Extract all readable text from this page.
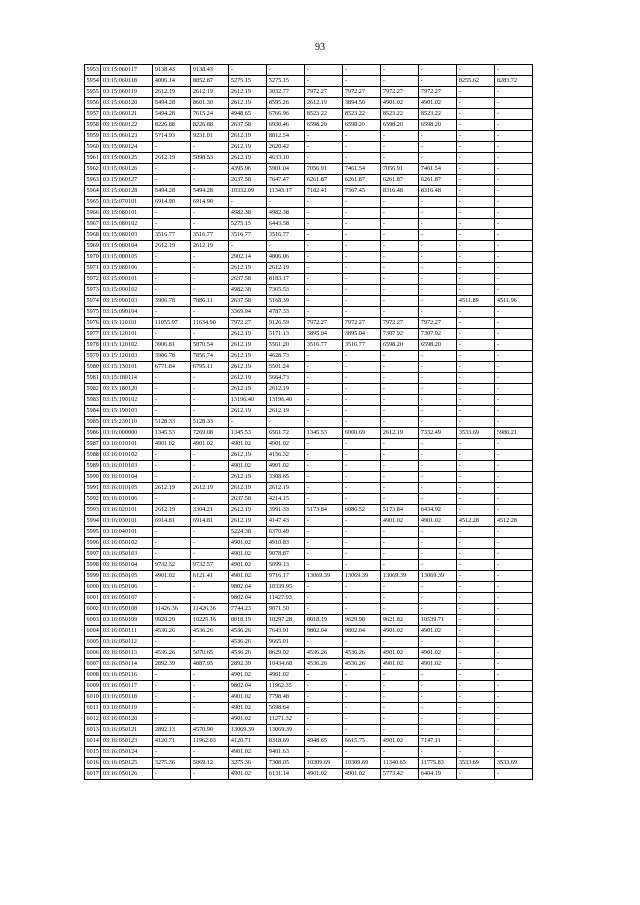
93
5953	03:15:060117	9138.43	9138.43	-	-	-	-	-	-	-	-
5954	03:15:060118	4006.14	8852.87	5275.15	5275.15	-	-	-	-	8255.62	8283.72
5955	03:15:060119	2612.19	2612.19	2612.19	3032.77	7972.27	7972.27	7972.27	7972.27	-	-
5956	03:15:060120	5494.28	8601.30	2612.19	8595.26	2612.19	3894.50	4901.02	4901.02	-	-
5957	03:15:060121	5494.28	7615.24	4948.65	6766.96	8523.22	8523.22	8523.22	8523.22	-	-
5958	03:15:060122	8226.88	8226.88	2637.58	6930.46	6598.20	6598.20	6598.20	6598.20	-	-
5959	03:15:060123	5714.93	9231.01	2612.19	8812.54	-	-	-	-	-	-
5960	03:15:060124	-	-	2612.19	2620.42	-	-	-	-	-	-
5961	03:15:060125	2612.19	5898.53	2612.19	4633.10	-	-	-	-	-	-
5962	03:15:060126	-	-	4395.96	5901.04	7056.91	7461.54	7056.91	7461.54	-	-
5963	03:15:060127	-	-	2637.58	7647.47	6261.87	6261.87	6261.87	6261.87	-	-
5964	03:15:060128	5494.28	5494.28	10332.09	11343.17	7182.41	7367.45	8316.48	8316.48	-	-
5965	03:15:070101	6914.90	6914.90	-	-	-	-	-	-	-	-
5966	03:15:080101	-	-	4982.38	4982.38	-	-	-	-	-	-
5967	03:15:080102	-	-	5275.15	6443.58	-	-	-	-	-	-
5968	03:15:080103	3516.77	3516.77	3516.77	3516.77	-	-	-	-	-	-
5969	03:15:080104	2612.19	2612.19	-	-	-	-	-	-	-	-
5970	03:15:080105	-	-	2902.14	4806.06	-	-	-	-	-	-
5971	03:15:080106	-	-	2612.19	2612.19	-	-	-	-	-	-
5972	03:15:090101	-	-	2637.58	8183.17	-	-	-	-	-	-
5973	03:15:090102	-	-	4982.38	7365.53	-	-	-	-	-	-
5974	03:15:090103	3906.78	7886.11	2637.58	5168.39	-	-	-	-	4511.89	4511.96
5975	03:15:090104	-	-	3369.94	4787.33	-	-	-	-	-	-
5976	03:15:110101	11055.97	11634.90	7972.27	9126.59	7972.27	7972.27	7972.27	7972.27	-	-
5977	03:15:120101	-	-	2612.19	5171.13	3895.04	3895.04	7307.92	7307.92	-	-
5978	03:15:120102	3906.81	5870.54	2612.19	5561.20	3516.77	3516.77	6598.20	6598.20	-	-
5979	03:15:120103	3906.78	7856.74	2612.19	4628.73	-	-	-	-	-	-
5980	03:15:130101	6771.84	6795.11	2612.19	5501.24	-	-	-	-	-	-
5981	03:15:180114	-	-	2612.19	5664.73	-	-	-	-	-	-
5982	03:15:180120	-	-	2612.19	2612.19	-	-	-	-	-	-
5983	03:15:190102	-	-	13196.40	13196.40	-	-	-	-	-	-
5984	03:15:190103	-	-	2612.19	2612.19	-	-	-	-	-	-
5985	03:15:230110	5128.33	5128.33	-	-	-	-	-	-	-	-
5986	03:16:000000	1345.53	7269.08	1345.53	6561.72	1345.53	6000.69	2612.19	7332.49	3533.69	5986.21
5987	03:16:010101	4901.02	4901.02	4901.02	4901.02	-	-	-	-	-	-
5988	03:16:010102	-	-	2612.19	4156.32	-	-	-	-	-	-
5989	03:16:010103	-	-	4901.02	4901.02	-	-	-	-	-	-
5990	03:16:010104	-	-	2612.19	3308.65	-	-	-	-	-	-
5991	03:16:010105	2612.19	2612.19	2612.19	2612.19	-	-	-	-	-	-
5992	03:16:010106	-	-	2637.58	4214.15	-	-	-	-	-	-
5993	03:16:020101	2612.19	3304.21	2612.19	3991.33	5173.84	6086.52	5173.84	6434.92	-	-
5994	03:16:030101	6914.81	6914.81	2612.19	4147.43	-	-	4901.02	4901.02	4512.28	4512.28
5995	03:16:040101	-	-	5224.38	6370.49	-	-	-	-	-	-
5996	03:16:050102	-	-	4901.02	4910.83	-	-	-	-	-	-
5997	03:16:050103	-	-	4901.02	9078.87	-	-	-	-	-	-
5998	03:16:050104	9732.52	9732.57	4901.02	5099.13	-	-	-	-	-	-
5999	03:16:050105	4901.02	6121.41	4901.02	9716.17	13069.39	13069.39	13069.39	13069.39	-	-
6000	03:16:050106	-	-	9802.04	10339.95	-	-	-	-	-	-
6001	03:16:050107	-	-	9802.04	11427.93	-	-	-	-	-	-
6002	03:16:050108	11426.36	11426.36	7744.23	9071.50	-	-	-	-	-	-
6003	03:16:050109	9920.29	10225.16	8018.19	10297.28	8018.19	9629.98	9621.82	10539.71	-	-
6004	03:16:050111	4536.26	4536.26	4536.26	7643.91	9802.04	9802.04	4901.02	4901.02	-	-
6005	03:16:050112	-	-	4536.26	9665.01	-	-	-	-	-	-
6006	03:16:050113	4536.26	5070.65	4536.26	8629.02	4536.26	4536.26	4901.02	4901.02	-	-
6007	03:16:050114	2892.39	4887.95	2892.39	10434.68	4536.26	4536.26	4901.02	4901.02	-	-
6008	03:16:050116	-	-	4901.02	4901.02	-	-	-	-	-	-
6009	03:16:050117	-	-	9802.04	11962.35	-	-	-	-	-	-
6010	03:16:050118	-	-	4901.02	7798.48	-	-	-	-	-	-
6011	03:16:050119	-	-	4901.02	5698.64	-	-	-	-	-	-
6012	03:16:050120	-	-	4901.02	11271.32	-	-	-	-	-	-
6013	03:16:050121	2892.13	4570.90	13069.39	13069.39	-	-	-	-	-	-
6014	03:16:050123	4120.71	11962.03	4120.71	8318.69	4948.65	6615.75	4901.02	7147.11	-	-
6015	03:16:050124	-	-	4901.02	9401.63	-	-	-	-	-	-
6016	03:16:050125	3275.36	5069.12	3275.36	7308.05	10309.69	10309.69	11340.65	11775.83	3533.69	3533.69
6017	03:16:050126	-	-	4901.02	6131.14	4901.02	4901.02	5773.42	6404.19	-	-
